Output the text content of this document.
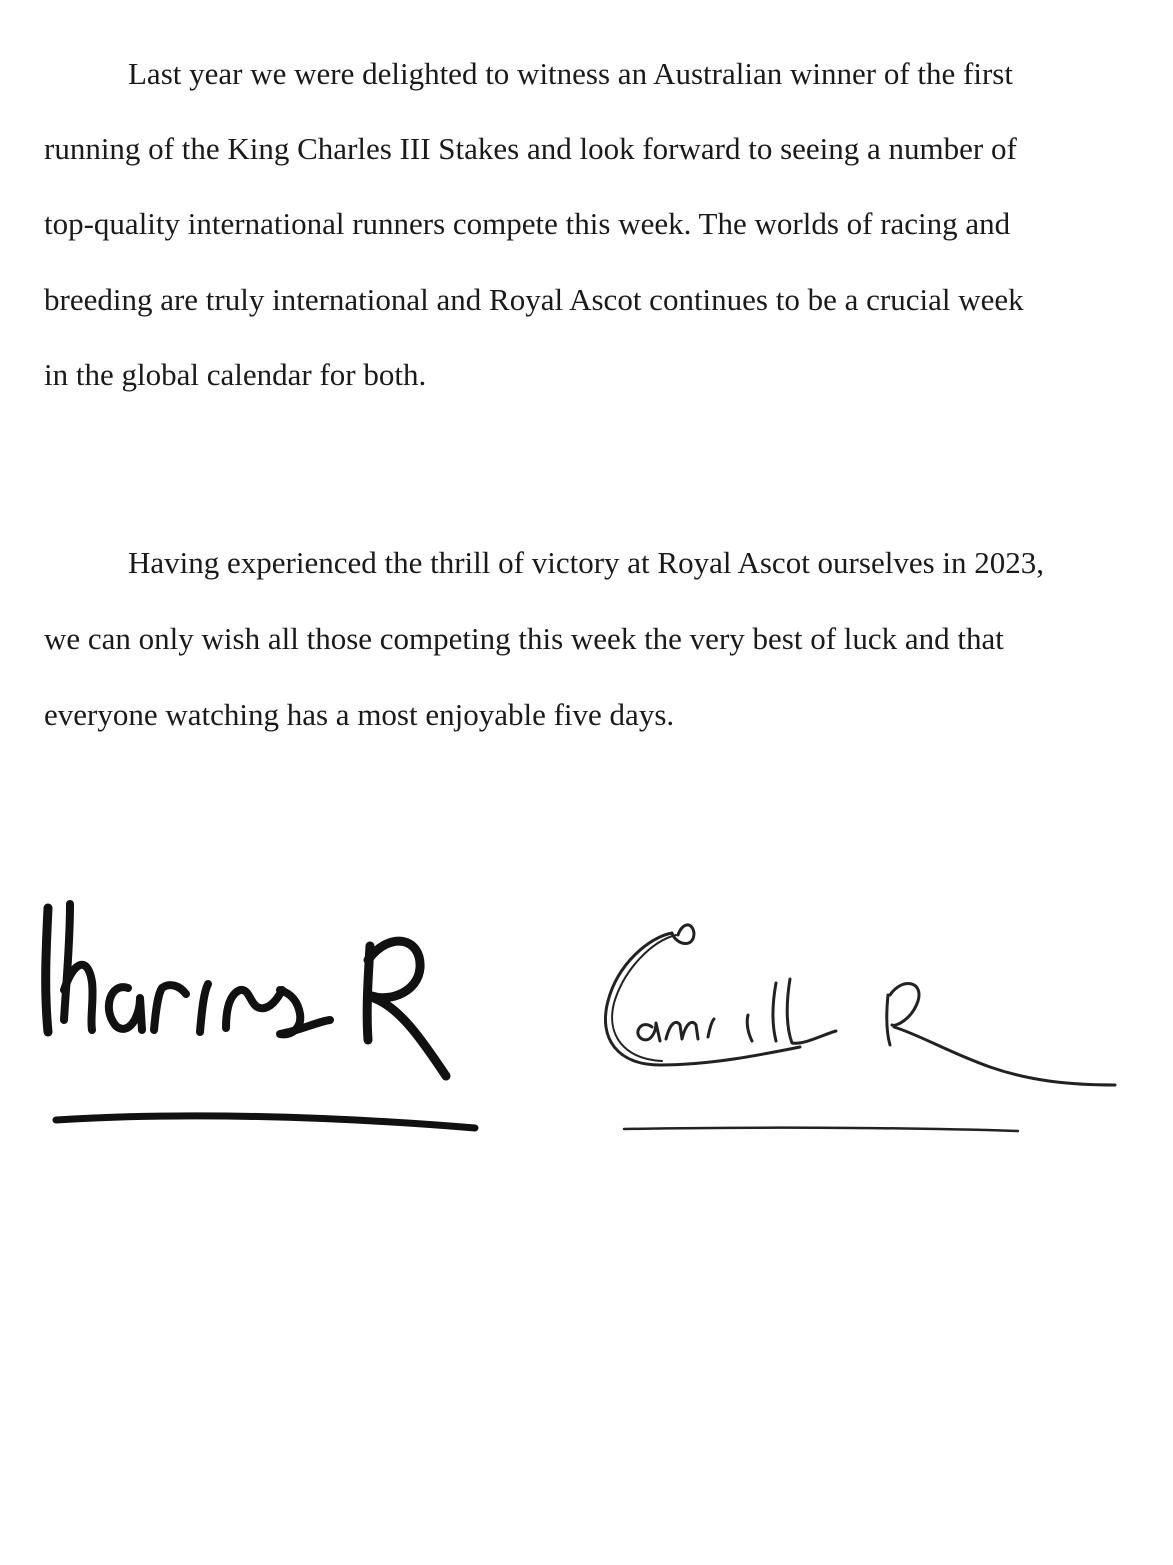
Last year we were delighted to witness an Australian winner of the first
running of the King Charles III Stakes and look forward to seeing a number of
top-quality international runners compete this week. The worlds of racing and
breeding are truly international and Royal Ascot continues to be a crucial week
in the global calendar for both.
Having experienced the thrill of victory at Royal Ascot ourselves in 2023,
we can only wish all those competing this week the very best of luck and that
everyone watching has a most enjoyable five days.
